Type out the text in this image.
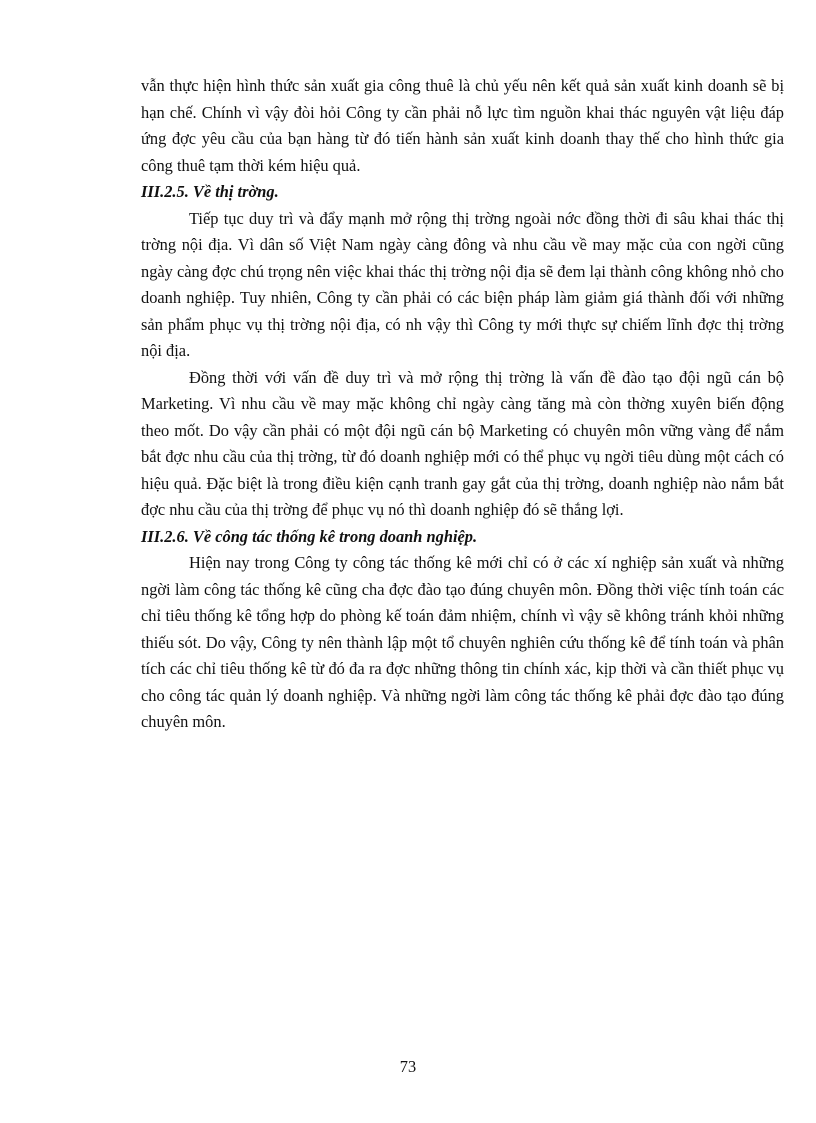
vẫn thực hiện hình thức sản xuất gia công thuê là chủ yếu nên kết quả sản xuất kinh doanh sẽ bị hạn chế. Chính vì vậy đòi hỏi Công ty cần phải nỗ lực tìm nguồn khai thác nguyên vật liệu đáp ứng đợc yêu cầu của bạn hàng từ đó tiến hành sản xuất kinh doanh thay thế cho hình thức gia công thuê tạm thời kém hiệu quả.

III.2.5. Về thị trờng.

Tiếp tục duy trì và đẩy mạnh mở rộng thị trờng ngoài nớc đồng thời đi sâu khai thác thị trờng nội địa. Vì dân số Việt Nam ngày càng đông và nhu cầu về may mặc của con ngời cũng ngày càng đợc chú trọng nên việc khai thác thị trờng nội địa sẽ đem lại thành công không nhỏ cho doanh nghiệp. Tuy nhiên, Công ty cần phải có các biện pháp làm giảm giá thành đối với những sản phẩm phục vụ thị trờng nội địa, có nh vậy thì Công ty mới thực sự chiếm lĩnh đợc thị trờng nội địa.

Đồng thời với vấn đề duy trì và mở rộng thị trờng là vấn đề đào tạo đội ngũ cán bộ Marketing. Vì nhu cầu về may mặc không chỉ ngày càng tăng mà còn thờng xuyên biến động theo mốt. Do vậy cần phải có một đội ngũ cán bộ Marketing có chuyên môn vững vàng để nắm bắt đợc nhu cầu của thị trờng, từ đó doanh nghiệp mới có thể phục vụ ngời tiêu dùng một cách có hiệu quả. Đặc biệt là trong điều kiện cạnh tranh gay gắt của thị trờng, doanh nghiệp nào nắm bắt đợc nhu cầu của thị trờng để phục vụ nó thì doanh nghiệp đó sẽ thắng lợi.

III.2.6. Về công tác thống kê trong doanh nghiệp.

Hiện nay trong Công ty công tác thống kê mới chỉ có ở các xí nghiệp sản xuất và những ngời làm công tác thống kê cũng cha đợc đào tạo đúng chuyên môn. Đồng thời việc tính toán các chỉ tiêu thống kê tổng hợp do phòng kế toán đảm nhiệm, chính vì vậy sẽ không tránh khỏi những thiếu sót. Do vậy, Công ty nên thành lập một tổ chuyên nghiên cứu thống kê để tính toán và phân tích các chỉ tiêu thống kê từ đó đa ra đợc những thông tin chính xác, kịp thời và cần thiết phục vụ cho công tác quản lý doanh nghiệp. Và những ngời làm công tác thống kê phải đợc đào tạo đúng chuyên môn.

73
